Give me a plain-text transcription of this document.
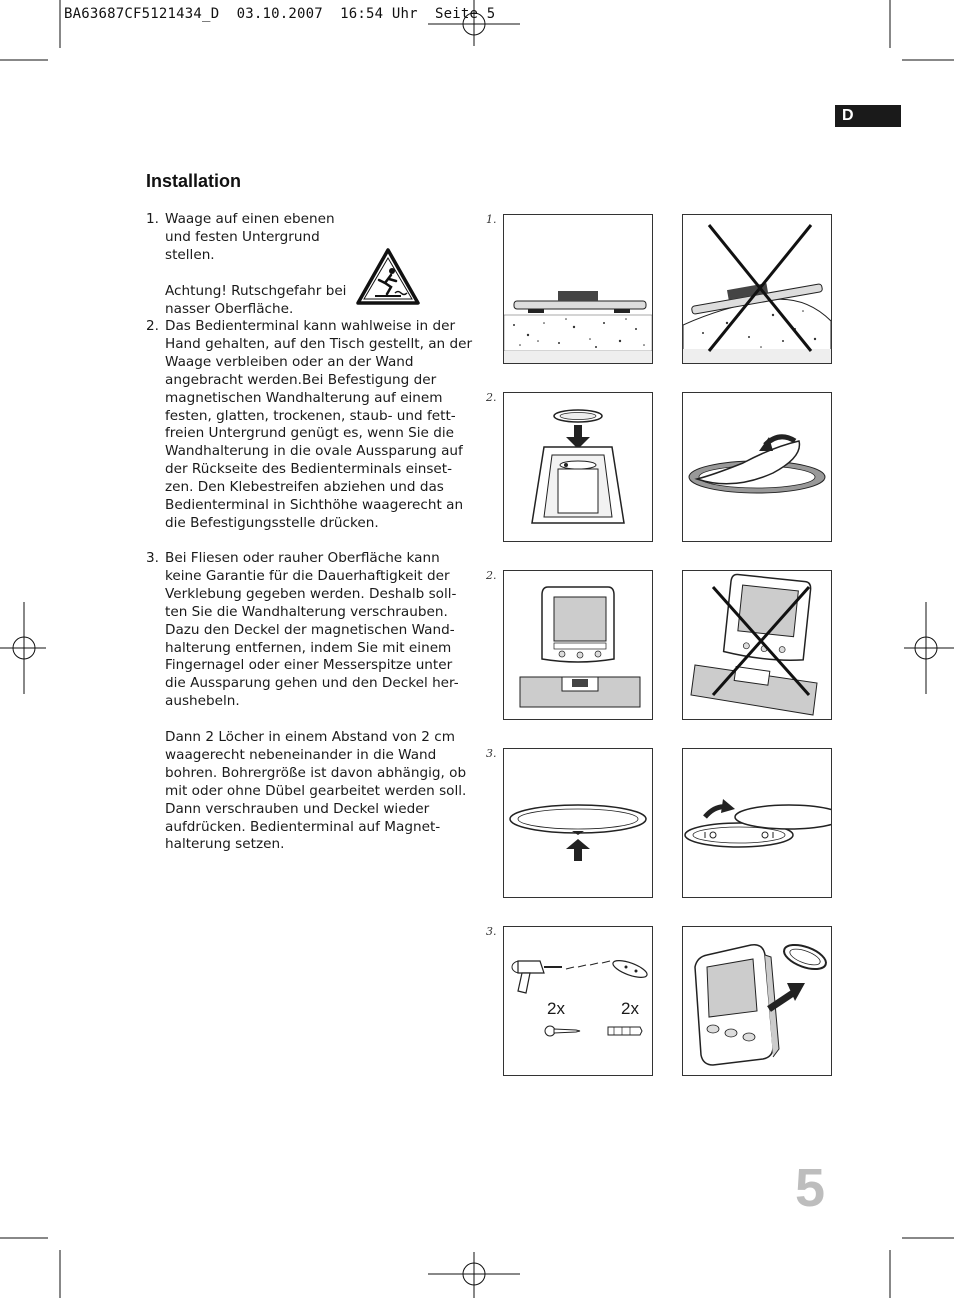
BA63687CF5121434_D  03.10.2007  16:54 Uhr  Seite 5
D
Installation
1. Waage auf einen ebenen und festen Untergrund stellen.

Achtung! Rutschgefahr bei nasser Oberfläche.

2. Das Bedienterminal kann wahlweise in der Hand gehalten, auf den Tisch gestellt, an der Waage verbleiben oder an der Wand angebracht werden.Bei Befestigung der magnetischen Wandhalterung auf einem festen, glatten, trockenen, staub- und fett-freien Untergrund genügt es, wenn Sie die Wandhalterung in die ovale Aussparung auf der Rückseite des Bedienterminals einset-zen. Den Klebestreifen abziehen und das Bedienterminal in Sichthöhe waagerecht an die Befestigungsstelle drücken.

3. Bei Fliesen oder rauher Oberfläche kann keine Garantie für die Dauerhaftigkeit der Verklebung gegeben werden. Deshalb soll-ten Sie die Wandhalterung verschrauben. Dazu den Deckel der magnetischen Wand-halterung entfernen, indem Sie mit einem Fingernagel oder einer Messerspitze unter die Aussparung gehen und den Deckel her-aushebeln.

Dann 2 Löcher in einem Abstand von 2 cm waagerecht nebeneinander in die Wand bohren. Bohrergröße ist davon abhängig, ob mit oder ohne Dübel gearbeitet werden soll. Dann verschrauben und Deckel wieder aufdrücken. Bedienterminal auf Magnet-halterung setzen.

1.
2.
2.
3.
3.
2x	2x
5
